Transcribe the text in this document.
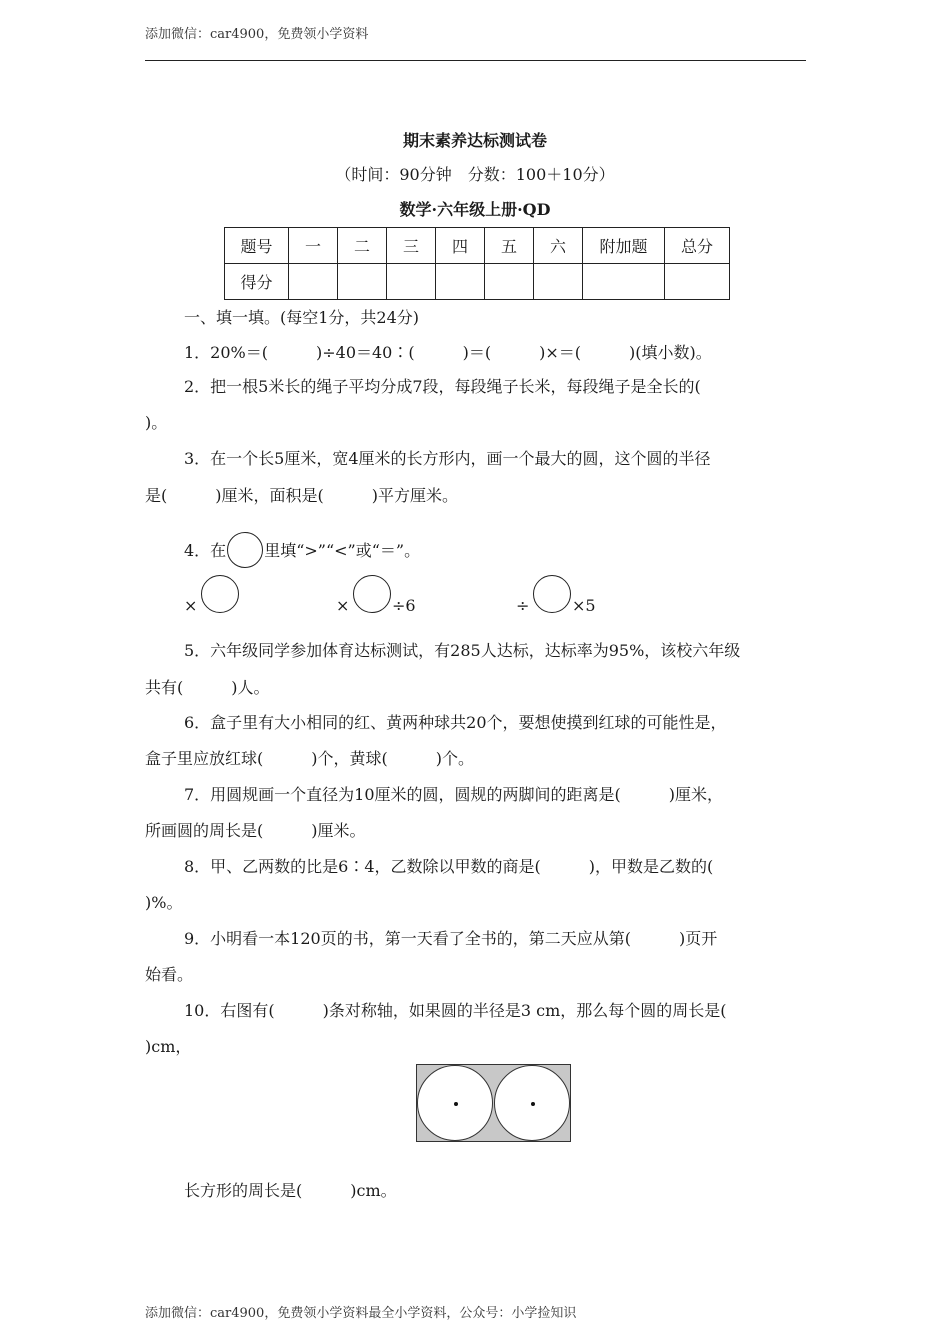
添加微信：car4900，免费领小学资料
期末素养达标测试卷
（时间：90分钟　分数：100＋10分）
数学·六年级上册·QD
题号	一	二	三	四	五	六	附加题	总分
得分								
一、填一填。(每空1分，共24分)
1．20%＝(　　　)÷40＝40∶(　　　)＝(　　　)×＝(　　　)(填小数)。
2．把一根5米长的绳子平均分成7段，每段绳子长米，每段绳子是全长的(
)。
3．在一个长5厘米，宽4厘米的长方形内，画一个最大的圆，这个圆的半径
是(　　　)厘米，面积是(　　　)平方厘米。
4．在 里填“>”“<”或“＝”。
×	×	÷6	÷	×5
5．六年级同学参加体育达标测试，有285人达标，达标率为95%，该校六年级
共有(　　　)人。
6．盒子里有大小相同的红、黄两种球共20个，要想使摸到红球的可能性是，
盒子里应放红球(　　　)个，黄球(　　　)个。
7．用圆规画一个直径为10厘米的圆，圆规的两脚间的距离是(　　　)厘米，
所画圆的周长是(　　　)厘米。
8．甲、乙两数的比是6∶4，乙数除以甲数的商是(　　　)，甲数是乙数的(
)%。
9．小明看一本120页的书，第一天看了全书的，第二天应从第(　　　)页开
始看。
10．右图有(　　　)条对称轴，如果圆的半径是3 cm，那么每个圆的周长是(
)cm，
长方形的周长是(　　　)cm。
添加微信：car4900，免费领小学资料最全小学资料，公众号：小学捡知识
